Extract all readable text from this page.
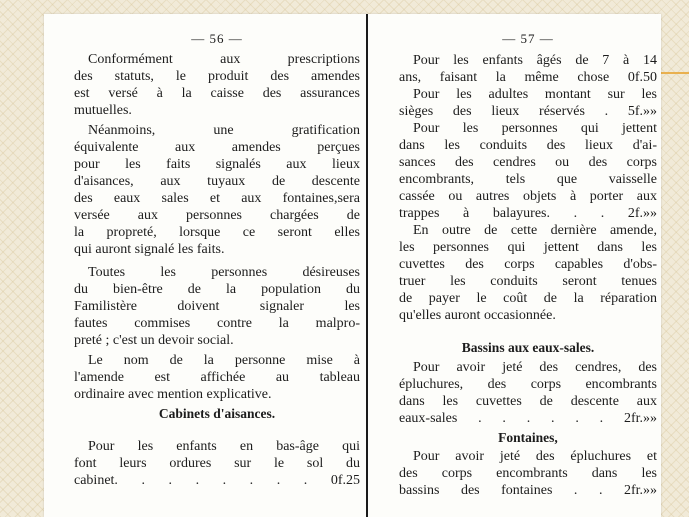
— 56 —
Conformément aux prescriptions
des statuts, le produit des amendes
est versé à la caisse des assurances
mutuelles.
Néanmoins, une gratification
équivalente aux amendes perçues
pour les faits signalés aux lieux
d'aisances, aux tuyaux de descente
des eaux sales et aux fontaines,sera
versée aux personnes chargées de
la propreté, lorsque ce seront elles
qui auront signalé les faits.
Toutes les personnes désireuses
du bien-être de la population du
Familistère doivent signaler les
fautes commises contre la malpro-
preté ; c'est un devoir social.
Le nom de la personne mise à
l'amende est affichée au tableau
ordinaire avec mention explicative.
Cabinets d'aisances.
Pour les enfants en bas-âge qui
font leurs ordures sur le sol du
cabinet. . . . . . . . 0f.25
— 57 —
Pour les enfants âgés de 7 à 14
ans, faisant la même chose 0f.50
Pour les adultes montant sur les
sièges des lieux réservés . 5f.»»
Pour les personnes qui jettent
dans les conduits des lieux d'ai-
sances des cendres ou des corps
encombrants, tels que vaisselle
cassée ou autres objets à porter aux
trappes à balayures. . . 2f.»»
En outre de cette dernière amende,
les personnes qui jettent dans les
cuvettes des corps capables d'obs-
truer les conduits seront tenues
de payer le coût de la réparation
qu'elles auront occasionnée.
Bassins aux eaux-sales.
Pour avoir jeté des cendres, des
épluchures, des corps encombrants
dans les cuvettes de descente aux
eaux-sales . . . . . . 2fr.»»
Fontaines,
Pour avoir jeté des épluchures et
des corps encombrants dans les
bassins des fontaines . . 2fr.»»
